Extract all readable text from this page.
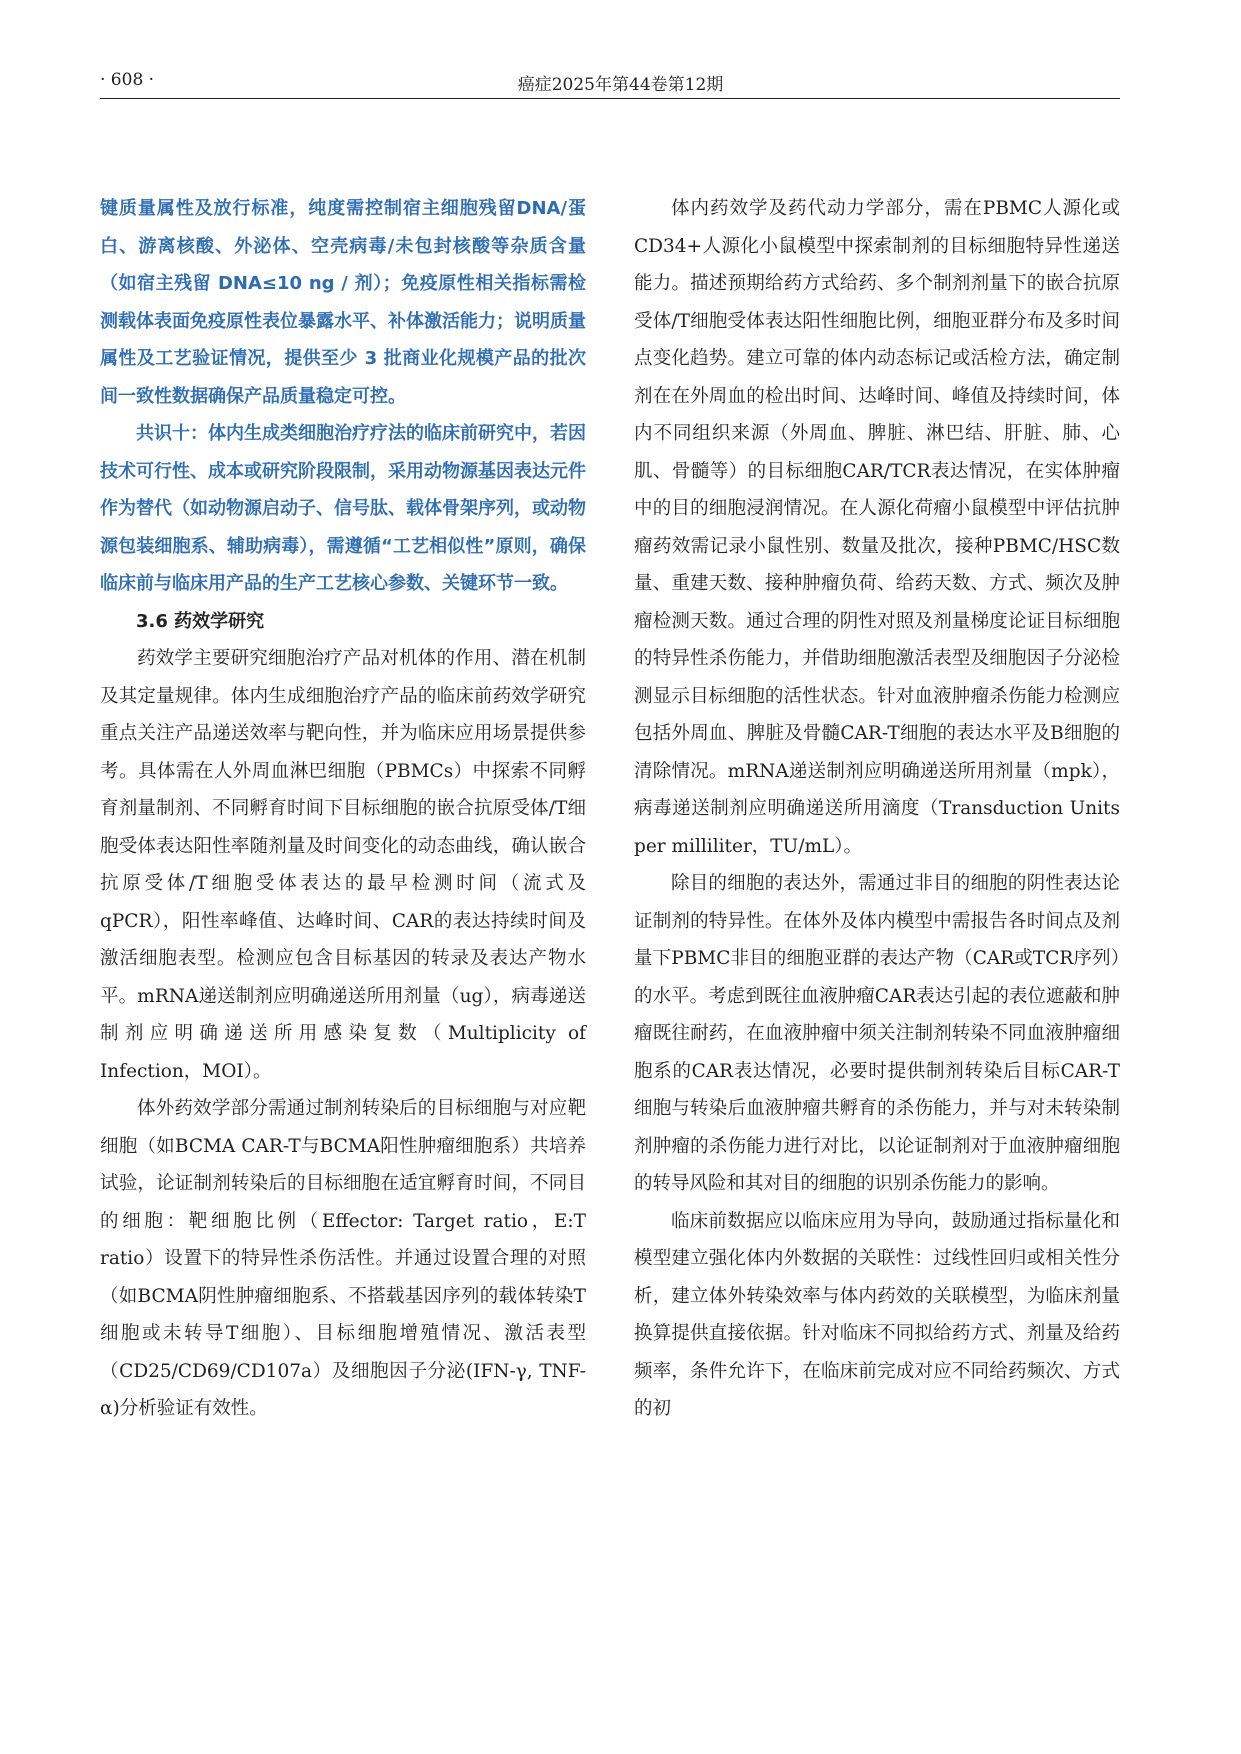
· 608 ·	癌症2025年第44卷第12期

键质量属性及放行标准，纯度需控制宿主细胞残留DNA/蛋白、游离核酸、外泌体、空壳病毒/未包封核酸等杂质含量（如宿主残留 DNA≤10 ng / 剂）；免疫原性相关指标需检测载体表面免疫原性表位暴露水平、补体激活能力；说明质量属性及工艺验证情况，提供至少 3 批商业化规模产品的批次间一致性数据确保产品质量稳定可控。

共识十：体内生成类细胞治疗疗法的临床前研究中，若因技术可行性、成本或研究阶段限制，采用动物源基因表达元件作为替代（如动物源启动子、信号肽、载体骨架序列，或动物源包装细胞系、辅助病毒），需遵循“工艺相似性”原则，确保临床前与临床用产品的生产工艺核心参数、关键环节一致。

3.6 药效学研究

药效学主要研究细胞治疗产品对机体的作用、潜在机制及其定量规律。体内生成细胞治疗产品的临床前药效学研究重点关注产品递送效率与靶向性，并为临床应用场景提供参考。具体需在人外周血淋巴细胞（PBMCs）中探索不同孵育剂量制剂、不同孵育时间下目标细胞的嵌合抗原受体/T细胞受体表达阳性率随剂量及时间变化的动态曲线，确认嵌合抗原受体/T细胞受体表达的最早检测时间（流式及qPCR），阳性率峰值、达峰时间、CAR的表达持续时间及激活细胞表型。检测应包含目标基因的转录及表达产物水平。mRNA递送制剂应明确递送所用剂量（ug），病毒递送制剂应明确递送所用感染复数（Multiplicity of Infection，MOI）。

体外药效学部分需通过制剂转染后的目标细胞与对应靶细胞（如BCMA CAR-T与BCMA阳性肿瘤细胞系）共培养试验，论证制剂转染后的目标细胞在适宜孵育时间，不同目的细胞：靶细胞比例（Effector: Target ratio，E:T ratio）设置下的特异性杀伤活性。并通过设置合理的对照（如BCMA阴性肿瘤细胞系、不搭载基因序列的载体转染T细胞或未转导T细胞）、目标细胞增殖情况、激活表型（CD25/CD69/CD107a）及细胞因子分泌(IFN-γ, TNF-α)分析验证有效性。

体内药效学及药代动力学部分，需在PBMC人源化或CD34+人源化小鼠模型中探索制剂的目标细胞特异性递送能力。描述预期给药方式给药、多个制剂剂量下的嵌合抗原受体/T细胞受体表达阳性细胞比例，细胞亚群分布及多时间点变化趋势。建立可靠的体内动态标记或活检方法，确定制剂在在外周血的检出时间、达峰时间、峰值及持续时间，体内不同组织来源（外周血、脾脏、淋巴结、肝脏、肺、心肌、骨髓等）的目标细胞CAR/TCR表达情况，在实体肿瘤中的目的细胞浸润情况。在人源化荷瘤小鼠模型中评估抗肿瘤药效需记录小鼠性别、数量及批次，接种PBMC/HSC数量、重建天数、接种肿瘤负荷、给药天数、方式、频次及肿瘤检测天数。通过合理的阴性对照及剂量梯度论证目标细胞的特异性杀伤能力，并借助细胞激活表型及细胞因子分泌检测显示目标细胞的活性状态。针对血液肿瘤杀伤能力检测应包括外周血、脾脏及骨髓CAR-T细胞的表达水平及B细胞的清除情况。mRNA递送制剂应明确递送所用剂量（mpk），病毒递送制剂应明确递送所用滴度（Transduction Units per milliliter，TU/mL）。

除目的细胞的表达外，需通过非目的细胞的阴性表达论证制剂的特异性。在体外及体内模型中需报告各时间点及剂量下PBMC非目的细胞亚群的表达产物（CAR或TCR序列）的水平。考虑到既往血液肿瘤CAR表达引起的表位遮蔽和肿瘤既往耐药，在血液肿瘤中须关注制剂转染不同血液肿瘤细胞系的CAR表达情况，必要时提供制剂转染后目标CAR-T细胞与转染后血液肿瘤共孵育的杀伤能力，并与对未转染制剂肿瘤的杀伤能力进行对比，以论证制剂对于血液肿瘤细胞的转导风险和其对目的细胞的识别杀伤能力的影响。

临床前数据应以临床应用为导向，鼓励通过指标量化和模型建立强化体内外数据的关联性：过线性回归或相关性分析，建立体外转染效率与体内药效的关联模型，为临床剂量换算提供直接依据。针对临床不同拟给药方式、剂量及给药频率，条件允许下，在临床前完成对应不同给药频次、方式的初
